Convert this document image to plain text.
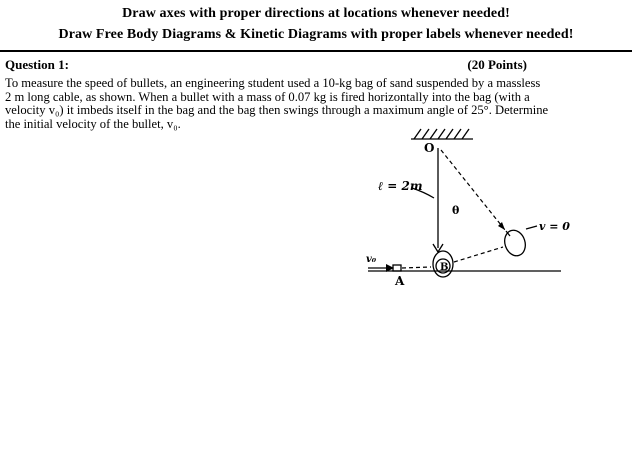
Draw axes with proper directions at locations whenever needed!
Draw Free Body Diagrams & Kinetic Diagrams with proper labels whenever needed!
Question 1:	(20 Points)
To measure the speed of bullets, an engineering student used a 10-kg bag of sand suspended by a massless
2 m long cable, as shown. When a bullet with a mass of 0.07 kg is fired horizontally into the bag (with a
velocity v₀) it imbeds itself in the bag and the bag then swings through a maximum angle of 25°. Determine
the initial velocity of the bullet, v₀.
O
ℓ = 2m
θ
v = 0
B
v₀
A
